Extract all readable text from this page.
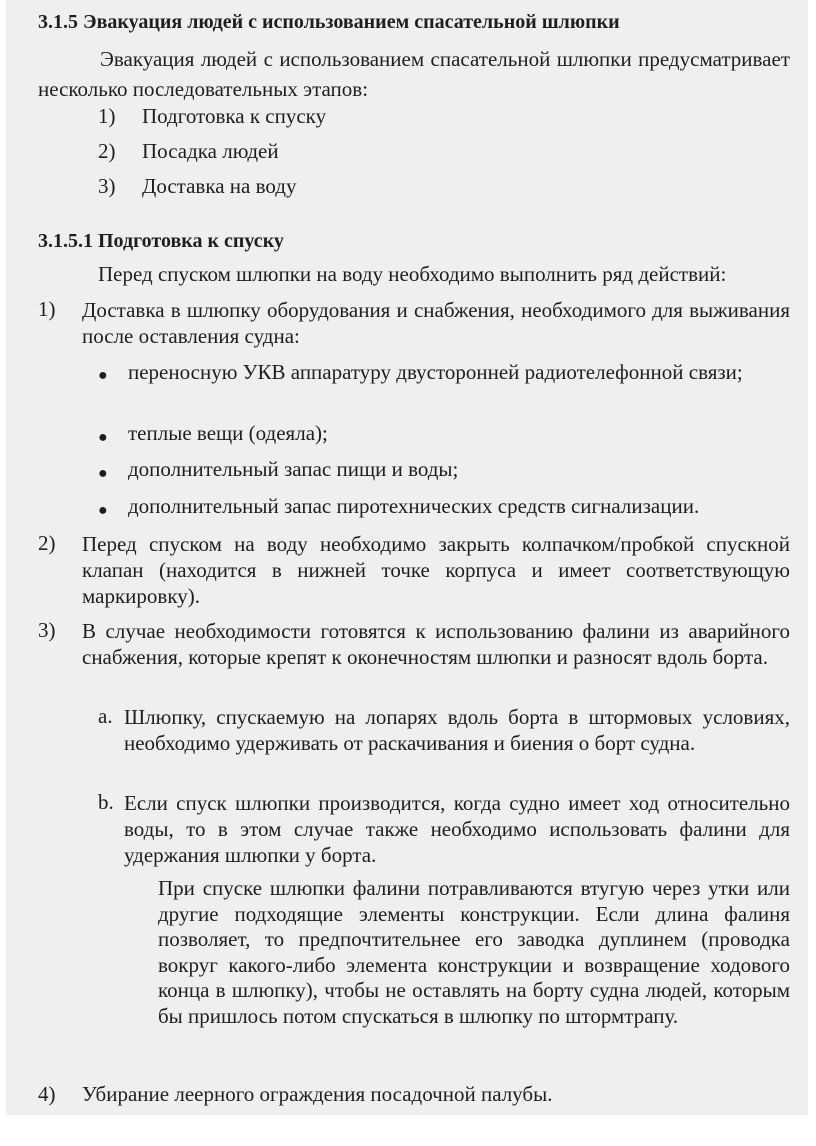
3.1.5 Эвакуация людей с использованием спасательной шлюпки
Эвакуация людей с использованием спасательной шлюпки предусматривает несколько последовательных этапов:
1) Подготовка к спуску
2) Посадка людей
3) Доставка на воду
3.1.5.1 Подготовка к спуску
Перед спуском шлюпки на воду необходимо выполнить ряд действий:
1) Доставка в шлюпку оборудования и снабжения, необходимого для выживания после оставления судна:
● переносную УКВ аппаратуру двусторонней радиотелефонной связи;
● теплые вещи (одеяла);
● дополнительный запас пищи и воды;
● дополнительный запас пиротехнических средств сигнализации.
2) Перед спуском на воду необходимо закрыть колпачком/пробкой спускной клапан (находится в нижней точке корпуса и имеет соответствующую маркировку).
3) В случае необходимости готовятся к использованию фалини из аварийного снабжения, которые крепят к оконечностям шлюпки и разносят вдоль борта.
a. Шлюпку, спускаемую на лопарях вдоль борта в штормовых условиях, необходимо удерживать от раскачивания и биения о борт судна.
b. Если спуск шлюпки производится, когда судно имеет ход относительно воды, то в этом случае также необходимо использовать фалини для удержания шлюпки у борта.
При спуске шлюпки фалини потравливаются втугую через утки или другие подходящие элементы конструкции. Если длина фалиня позволяет, то предпочтительнее его заводка дуплинем (проводка вокруг какого-либо элемента конструкции и возвращение ходового конца в шлюпку), чтобы не оставлять на борту судна людей, которым бы пришлось потом спускаться в шлюпку по штормтрапу.
4) Убирание леерного ограждения посадочной палубы.
